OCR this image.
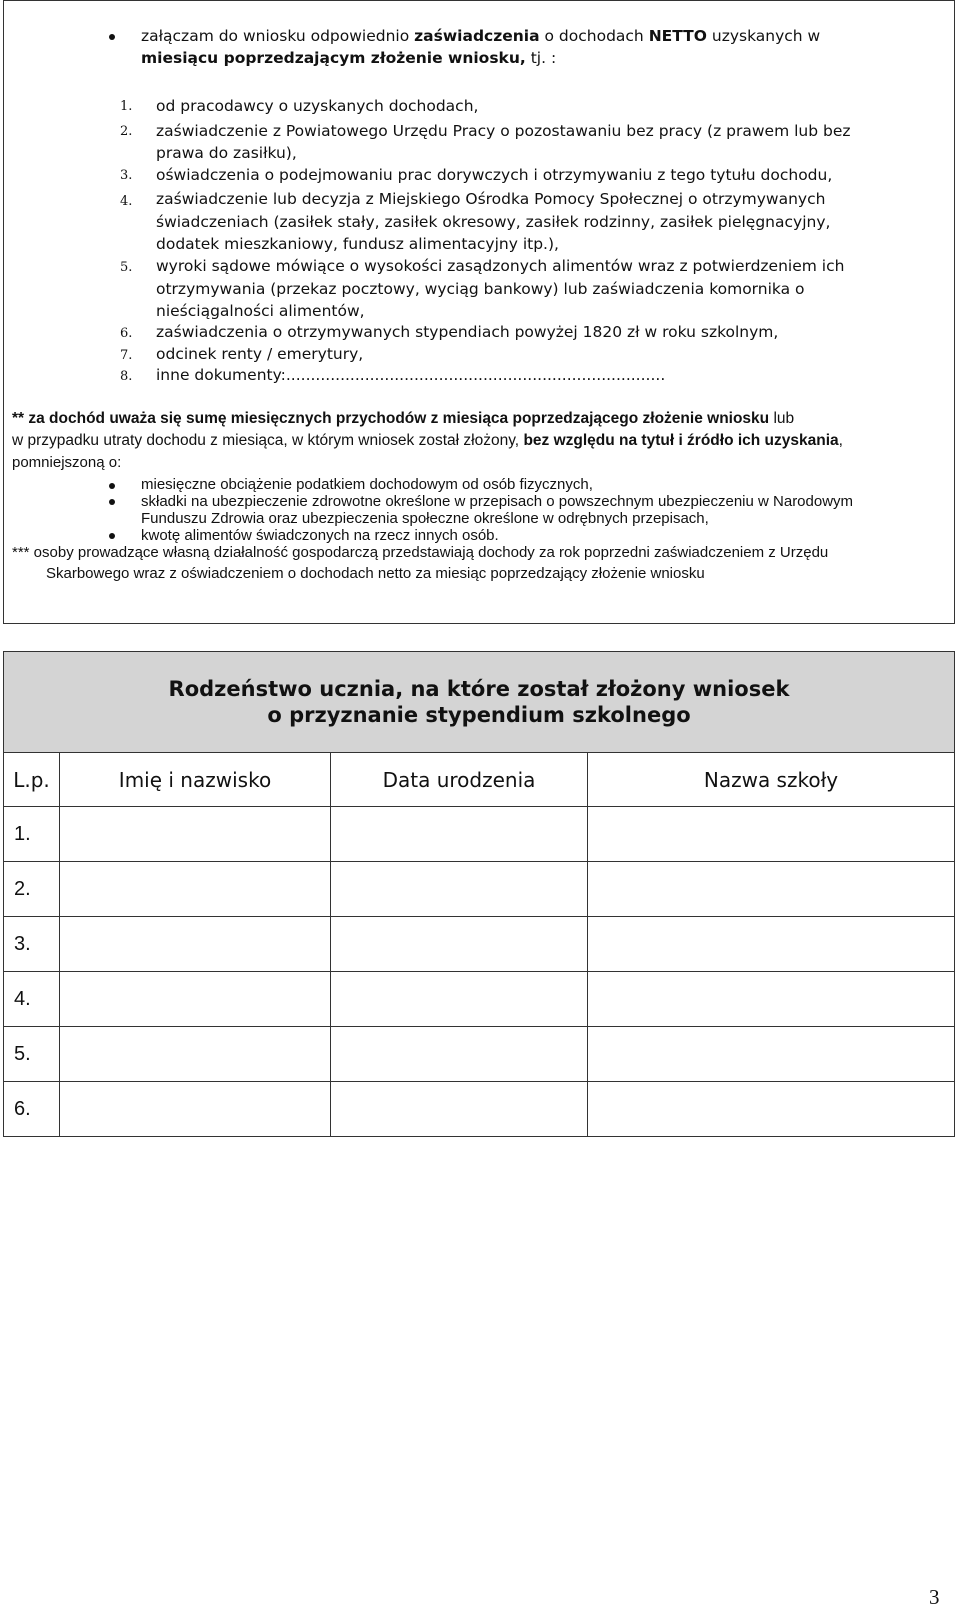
załączam do wniosku odpowiednio zaświadczenia o dochodach NETTO uzyskanych w
miesiącu poprzedzającym złożenie wniosku, tj. :
1. od pracodawcy o uzyskanych dochodach,
2. zaświadczenie z Powiatowego Urzędu Pracy o pozostawaniu bez pracy (z prawem lub bez
prawa do zasiłku),
3. oświadczenia o podejmowaniu prac dorywczych i otrzymywaniu z tego tytułu dochodu,
4. zaświadczenie lub decyzja z Miejskiego Ośrodka Pomocy Społecznej o otrzymywanych
świadczeniach (zasiłek stały, zasiłek okresowy, zasiłek rodzinny, zasiłek pielęgnacyjny,
dodatek mieszkaniowy, fundusz alimentacyjny itp.),
5. wyroki sądowe mówiące o wysokości zasądzonych alimentów wraz z potwierdzeniem ich
otrzymywania (przekaz pocztowy, wyciąg bankowy) lub zaświadczenia komornika o
nieściągalności alimentów,
6. zaświadczenia o otrzymywanych stypendiach powyżej 1820 zł w roku szkolnym,
7. odcinek renty / emerytury,
8. inne dokumenty:.............................................................................
** za dochód uważa się sumę miesięcznych przychodów z miesiąca poprzedzającego złożenie wniosku lub
w przypadku utraty dochodu z miesiąca, w którym wniosek został złożony, bez względu na tytuł i źródło ich uzyskania,
pomniejszoną o:
miesięczne obciążenie podatkiem dochodowym od osób fizycznych,
składki na ubezpieczenie zdrowotne określone w przepisach o powszechnym ubezpieczeniu w Narodowym
Funduszu Zdrowia oraz ubezpieczenia społeczne określone w odrębnych przepisach,
kwotę alimentów świadczonych na rzecz innych osób.
*** osoby prowadzące własną działalność gospodarczą przedstawiają dochody za rok poprzedni zaświadczeniem z Urzędu
Skarbowego wraz z oświadczeniem o dochodach netto za miesiąc poprzedzający złożenie wniosku
Rodzeństwo ucznia, na które został złożony wniosek
o przyznanie stypendium szkolnego			

L.p.	Imię i nazwisko	Data urodzenia	Nazwa szkoły
1.			
2.			
3.			
4.			
5.			
6.			
3
